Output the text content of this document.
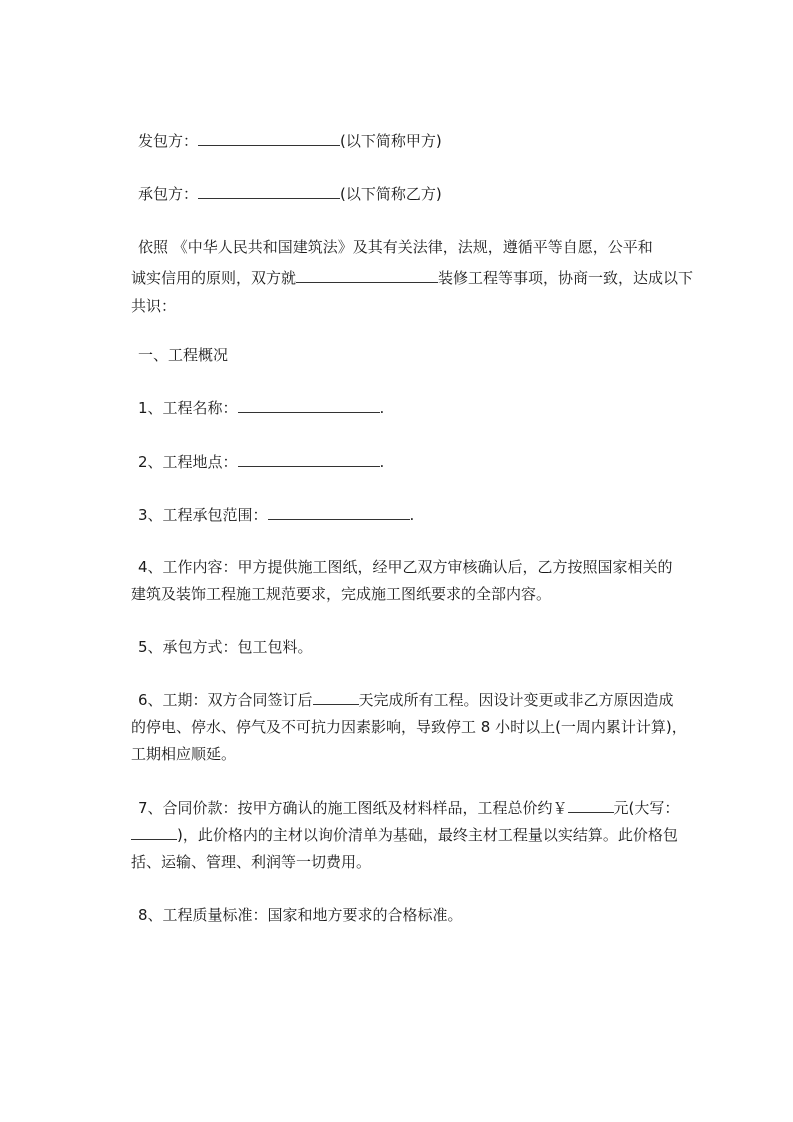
发包方：	(以下简称甲方)

承包方：	(以下简称乙方)

依照 《中华人民共和国建筑法》及其有关法律，法规，遵循平等自愿，公平和

诚实信用的原则，双方就	装修工程等事项，协商一致，达成以下

共识：

一、工程概况

1、工程名称：	.

2、工程地点：	.

3、工程承包范围：	.

4、工作内容：甲方提供施工图纸，经甲乙双方审核确认后，乙方按照国家相关的

建筑及装饰工程施工规范要求，完成施工图纸要求的全部内容。

5、承包方式：包工包料。

6、工期：双方合同签订后	天完成所有工程。因设计变更或非乙方原因造成

的停电、停水、停气及不可抗力因素影响，导致停工 8 小时以上(一周内累计计算)，

工期相应顺延。

7、合同价款：按甲方确认的施工图纸及材料样品，工程总价约￥	元(大写：

)，此价格内的主材以询价清单为基础，最终主材工程量以实结算。此价格包

括、运输、管理、利润等一切费用。

8、工程质量标准：国家和地方要求的合格标准。
